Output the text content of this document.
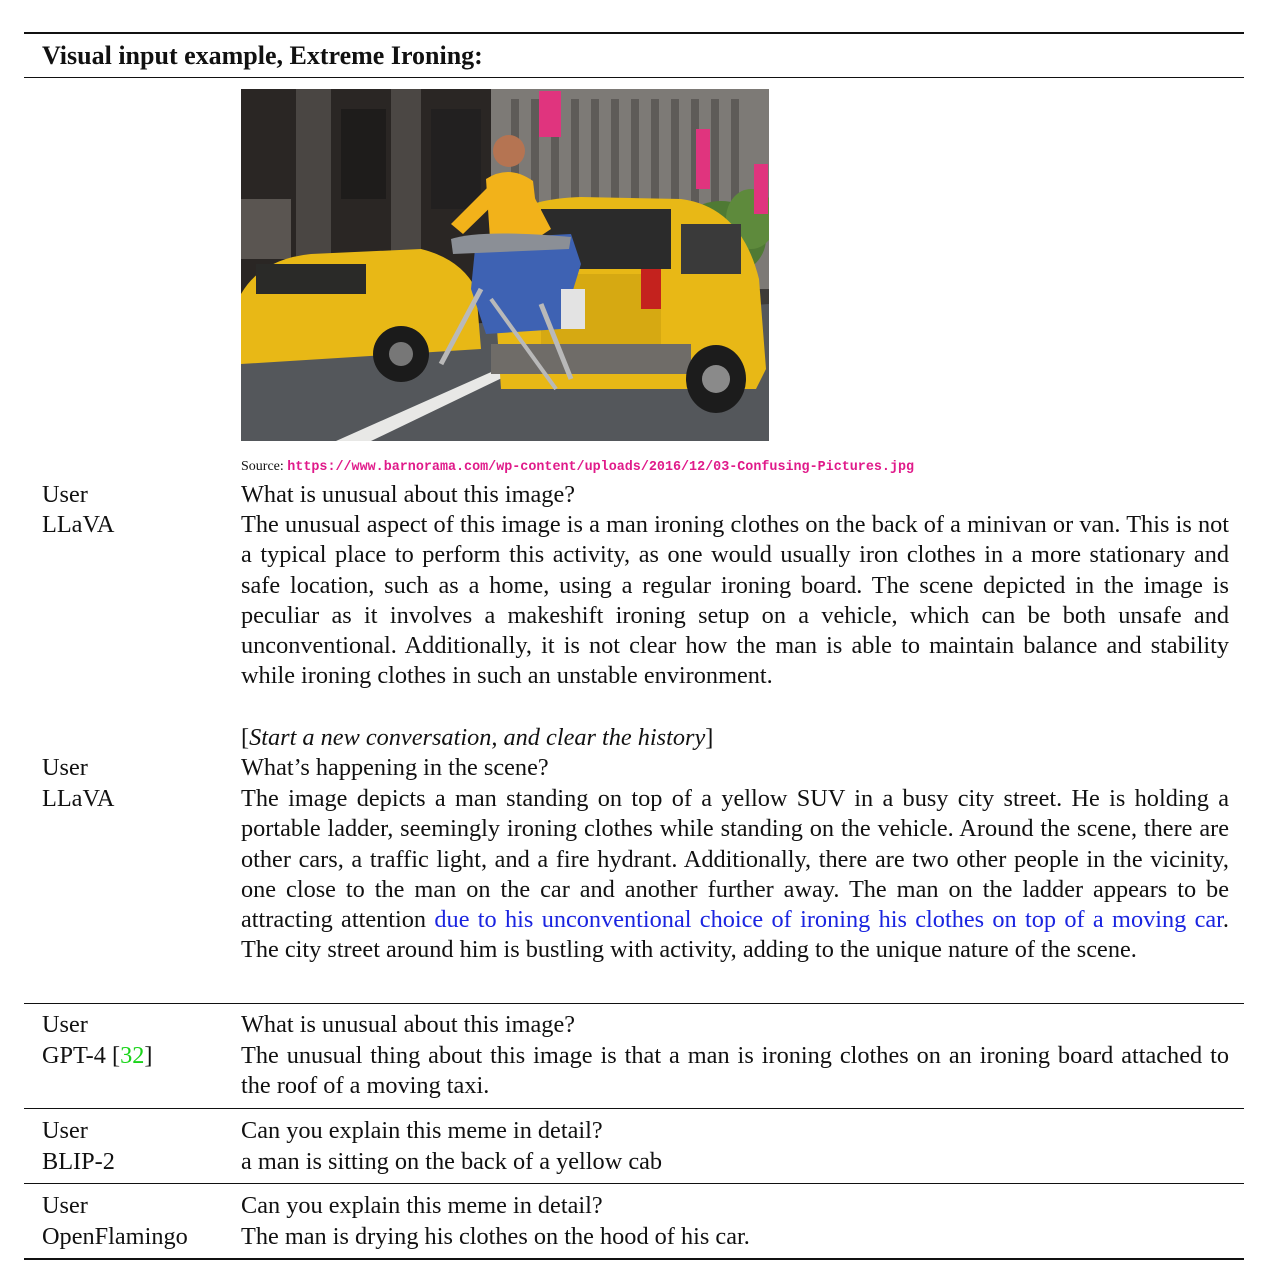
Visual input example, Extreme Ironing:
Source: https://www.barnorama.com/wp-content/uploads/2016/12/03-Confusing-Pictures.jpg
User	What is unusual about this image?
LLaVA	The unusual aspect of this image is a man ironing clothes on the back of a minivan or van. This is not a typical place to perform this activity, as one would usually iron clothes in a more stationary and safe location, such as a home, using a regular ironing board. The scene depicted in the image is peculiar as it involves a makeshift ironing setup on a vehicle, which can be both unsafe and unconventional. Additionally, it is not clear how the man is able to maintain balance and stability while ironing clothes in such an unstable environment.
[Start a new conversation, and clear the history]
User	What’s happening in the scene?
LLaVA	The image depicts a man standing on top of a yellow SUV in a busy city street. He is holding a portable ladder, seemingly ironing clothes while standing on the vehicle. Around the scene, there are other cars, a traffic light, and a fire hydrant. Additionally, there are two other people in the vicinity, one close to the man on the car and another further away. The man on the ladder appears to be attracting attention due to his unconventional choice of ironing his clothes on top of a moving car. The city street around him is bustling with activity, adding to the unique nature of the scene.
User	What is unusual about this image?
GPT-4 [32]	The unusual thing about this image is that a man is ironing clothes on an ironing board attached to the roof of a moving taxi.
User	Can you explain this meme in detail?
BLIP-2	a man is sitting on the back of a yellow cab
User	Can you explain this meme in detail?
OpenFlamingo The man is drying his clothes on the hood of his car.
